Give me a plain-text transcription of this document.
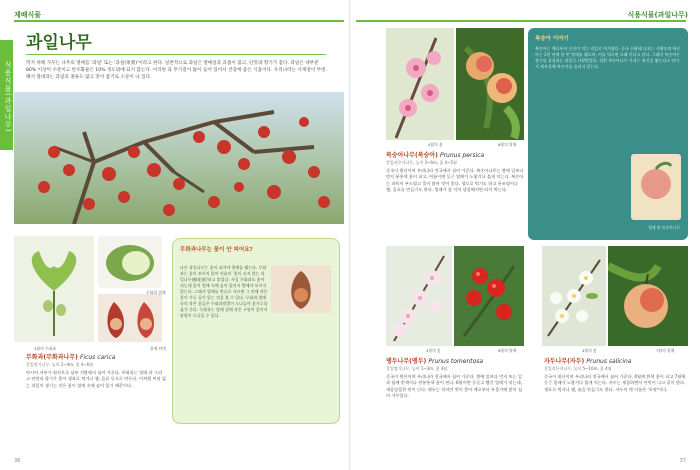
재배식물
식용식물(과일나무)
과일나무
먹지 위해 가꾸는 나무의 열매를 '과일' 또는 '과실(果實)'이라고 한다. 일반적으로 과일은 열매일과 과즙이 많고, 단맛과 향기가 좋다. 과일은 대부분 80% 이상이 수분이고 탄수화물은 10% 정도밖에 되지 않는다. 이러한 과 무기질이 많이 들어 있어서 건강에 좋은 식품이다. 우리나라는 사계절이 뚜렷해서 열대과는 과일의 종류도 많고 맛이 좋기로 소문이 나 있다.
3월의 무화과	열매 단면
무화과 열매
무화과나무는 꽃이 안 피어요?
다른 과일나무는 꽃이 피어야 열매를 맺는다. 무화과는 꽃이 보이지 않아 이름이 '꽃이 피지 않는 과일나무(無花果)'라고 붙었다. 사실 무화과도 꽃이 피는데 꽃이 열매 속에 숨어 있어서 밖에서 보이지 않는다. 그래서 열매를 반으로 자르면 그 안에 작은 꽃이 가득 들어 있는 것을 볼 수 있다. 무화과 열매 속의 작은 꽃들은 무화과말벌이 드나들며 꽃가루를 옮겨 준다. 무화과는 열매 겉에 작은 구멍이 있어서 말벌이 드나들 수 있다.
무화과(무화과나무) Ficus carica
갈잎떨기나무, 높이 2~4m, 꽃 4~6월
아시아 서부가 원산으로 남부 지방에서 심어 가꾼다. 무화과는 열매 과 그리고 단맛과 향기가 좋아 생과로 먹거나 잼, 음료 등으로 만든다. 이처럼 씨앗 없는 과일이 생기는 것은 꽃이 열매 속에 숨어 있기 때문이다.
36
식용식물(과일나무)
4월의 꽃	8월의 열매
복숭아 이야기
복숭아는 예로부터 신선이 먹는 과일로 여겨졌다. 중국 신화에 나오는 서왕모의 복숭아는 3천 년에 한 번 열매를 맺으며, 이를 먹으면 오래 산다고 한다. 그래서 복숭아는 장수를 상징하는 과일로 사랑받았다. 한편 복숭아나무 가지는 귀신을 쫓는다고 믿어서 제사상에 복숭아를 올리지 않는다.
열매 및 복숭아나무
복숭아나무(복숭아) Prunus persica
갈잎작은키나무, 높이 3~6m, 꽃 4~5월
중국이 원산이며 우리나라 전국에서 심어 가꾼다. 복숭아나무는 봄에 잎보다 먼저 분홍색 꽃이 피고, 여름이면 둥근 열매가 노랗거나 붉게 익는다. 복숭아는 과육이 부드럽고 물이 많아 맛이 좋다. 생으로 먹기도 하고 통조림이나 잼, 음료를 만들기도 한다. 열매가 잘 익어 달콤해지면 따서 먹는다.
4월의 꽃	6월의 열매
앵두나무(앵두) Prunus tomentosa
갈잎떨기나무, 높이 1~3m, 꽃 4월
중국이 원산이며 우리나라 전국에서 심어 가꾼다. 봄에 잎보다 먼저 또는 잎과 함께 흰색이나 연분홍색 꽃이 핀다. 6월이면 둥글고 빨간 열매가 익는데, 새콤달콤한 맛이 난다. 앵두는 작지만 맛이 좋아 예로부터 우물가에 많이 심어 가꾸었다.
4월의 꽃	7월의 열매
자두나무(자두) Prunus salicina
갈잎작은키나무, 높이 5~10m, 꽃 4월
중국이 원산이며 우리나라 전국에서 심어 가꾼다. 4월에 흰색 꽃이 피고 7월에 둥근 열매가 노랗거나 붉게 익는다. 자두는 새콤하면서 단맛이 나고 즙이 많다. 생으로 먹거나 잼, 술을 만들기도 한다. 자두의 옛 이름은 '오얏'이다.
37
